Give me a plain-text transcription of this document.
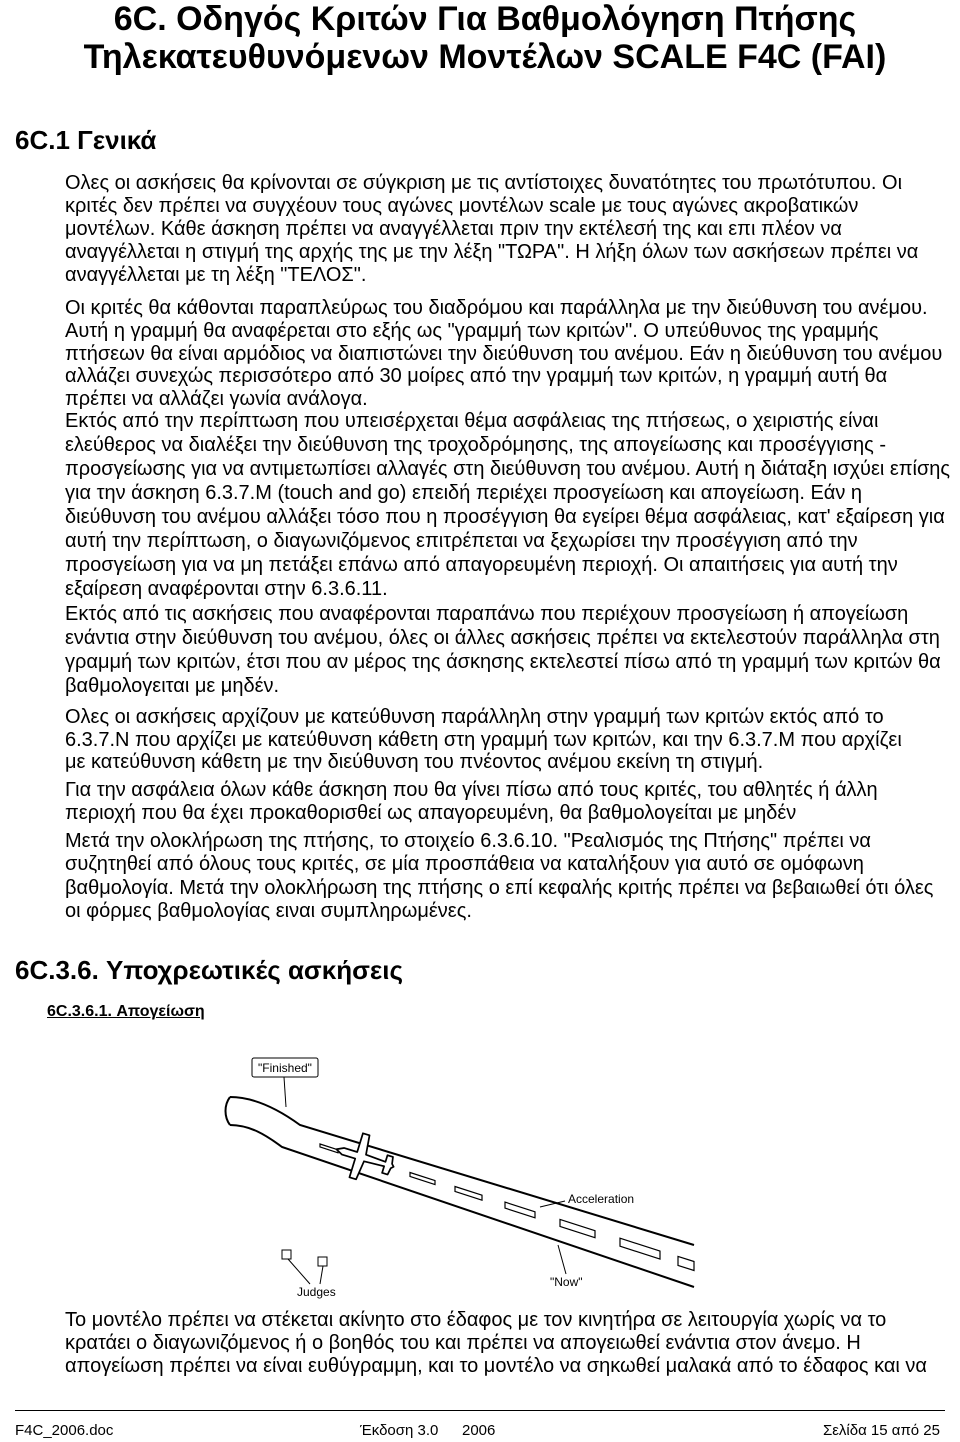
6C. Οδηγός Κριτών Για Βαθμολόγηση Πτήσης
Τηλεκατευθυνόμενων Μοντέλων SCALE F4C (FAI)
6C.1 Γενικά
Ολες οι ασκήσεις θα κρίνονται σε σύγκριση με τις αντίστοιχες δυνατότητες του πρωτότυπου. Οι
κριτές δεν πρέπει να συγχέουν τους αγώνες μοντέλων scale με τους αγώνες ακροβατικών
μοντέλων. Κάθε άσκηση πρέπει να αναγγέλλεται πριν την εκτέλεσή της και επι πλέον να
αναγγέλλεται η στιγμή της αρχής της με την λέξη "ΤΩΡΑ". Η λήξη όλων των ασκήσεων πρέπει να
αναγγέλλεται με τη λέξη "ΤΕΛΟΣ".
Οι κριτές θα κάθονται παραπλεύρως του διαδρόμου και παράλληλα με την διεύθυνση του ανέμου.
Αυτή η γραμμή θα αναφέρεται στο εξής ως "γραμμή των κριτών". Ο υπεύθυνος της γραμμής
πτήσεων θα είναι αρμόδιος να διαπιστώνει την διεύθυνση του ανέμου. Εάν η διεύθυνση του ανέμου
αλλάζει συνεχώς περισσότερο από 30 μοίρες από την γραμμή των κριτών, η γραμμή αυτή θα
πρέπει να αλλάζει γωνία ανάλογα.
Εκτός από την περίπτωση που υπεισέρχεται θέμα ασφάλειας της πτήσεως, ο χειριστής είναι
ελεύθερος να διαλέξει την διεύθυνση της τροχοδρόμησης, της απογείωσης και προσέγγισης -
προσγείωσης για να αντιμετωπίσει αλλαγές στη διεύθυνση του ανέμου. Αυτή η διάταξη ισχύει επίσης
για την άσκηση 6.3.7.Μ (touch and go) επειδή περιέχει προσγείωση και απογείωση. Εάν η
διεύθυνση του ανέμου αλλάξει τόσο που η προσέγγιση θα εγείρει θέμα ασφάλειας, κατ' εξαίρεση για
αυτή την περίπτωση, ο διαγωνιζόμενος επιτρέπεται να ξεχωρίσει την προσέγγιση από την
προσγείωση για να μη πετάξει επάνω από απαγορευμένη περιοχή. Οι απαιτήσεις για αυτή την
εξαίρεση αναφέρονται στην 6.3.6.11.
Εκτός από τις ασκήσεις που αναφέρονται παραπάνω που περιέχουν προσγείωση ή απογείωση
ενάντια στην διεύθυνση του ανέμου, όλες οι άλλες ασκήσεις πρέπει να εκτελεστούν παράλληλα στη
γραμμή των κριτών, έτσι που αν μέρος της άσκησης εκτελεστεί πίσω από τη γραμμή των κριτών θα
βαθμολογειται με μηδέν.
Ολες οι ασκήσεις αρχίζουν με κατεύθυνση παράλληλη στην γραμμή των κριτών εκτός από το
6.3.7.Ν που αρχίζει με κατεύθυνση κάθετη στη γραμμή των κριτών, και την 6.3.7.Μ που αρχίζει
με κατεύθυνση κάθετη με την διεύθυνση του πνέοντος ανέμου εκείνη τη στιγμή.
Για την ασφάλεια όλων κάθε άσκηση που θα γίνει πίσω από τους κριτές, του αθλητές ή άλλη
περιοχή που θα έχει προκαθορισθεί ως απαγορευμένη, θα βαθμολογείται με μηδέν
Μετά την ολοκλήρωση της πτήσης, το στοιχείο 6.3.6.10. "Ρεαλισμός της Πτήσης" πρέπει να
συζητηθεί από όλους τους κριτές, σε μία προσπάθεια να καταλήξουν για αυτό σε ομόφωνη
βαθμολογία. Μετά την ολοκλήρωση της πτήσης ο επί κεφαλής κριτής πρέπει να βεβαιωθεί ότι όλες
οι φόρμες βαθμολογίας ειναι συμπληρωμένες.
6C.3.6. Υποχρεωτικές ασκήσεις
6C.3.6.1. Απογείωση
"Finished"
Acceleration
"Now"
Judges
Το μοντέλο πρέπει να στέκεται ακίνητο στο έδαφος με τον κινητήρα σε λειτουργία χωρίς να το
κρατάει ο διαγωνιζόμενος ή ο βοηθός του και πρέπει να απογειωθεί ενάντια στον άνεμο. Η
απογείωση πρέπει να είναι ευθύγραμμη, και το μοντέλο να σηκωθεί μαλακά από το έδαφος και να
F4C_2006.doc	Έκδοση 3.0 2006	Σελίδα 15 από 25
